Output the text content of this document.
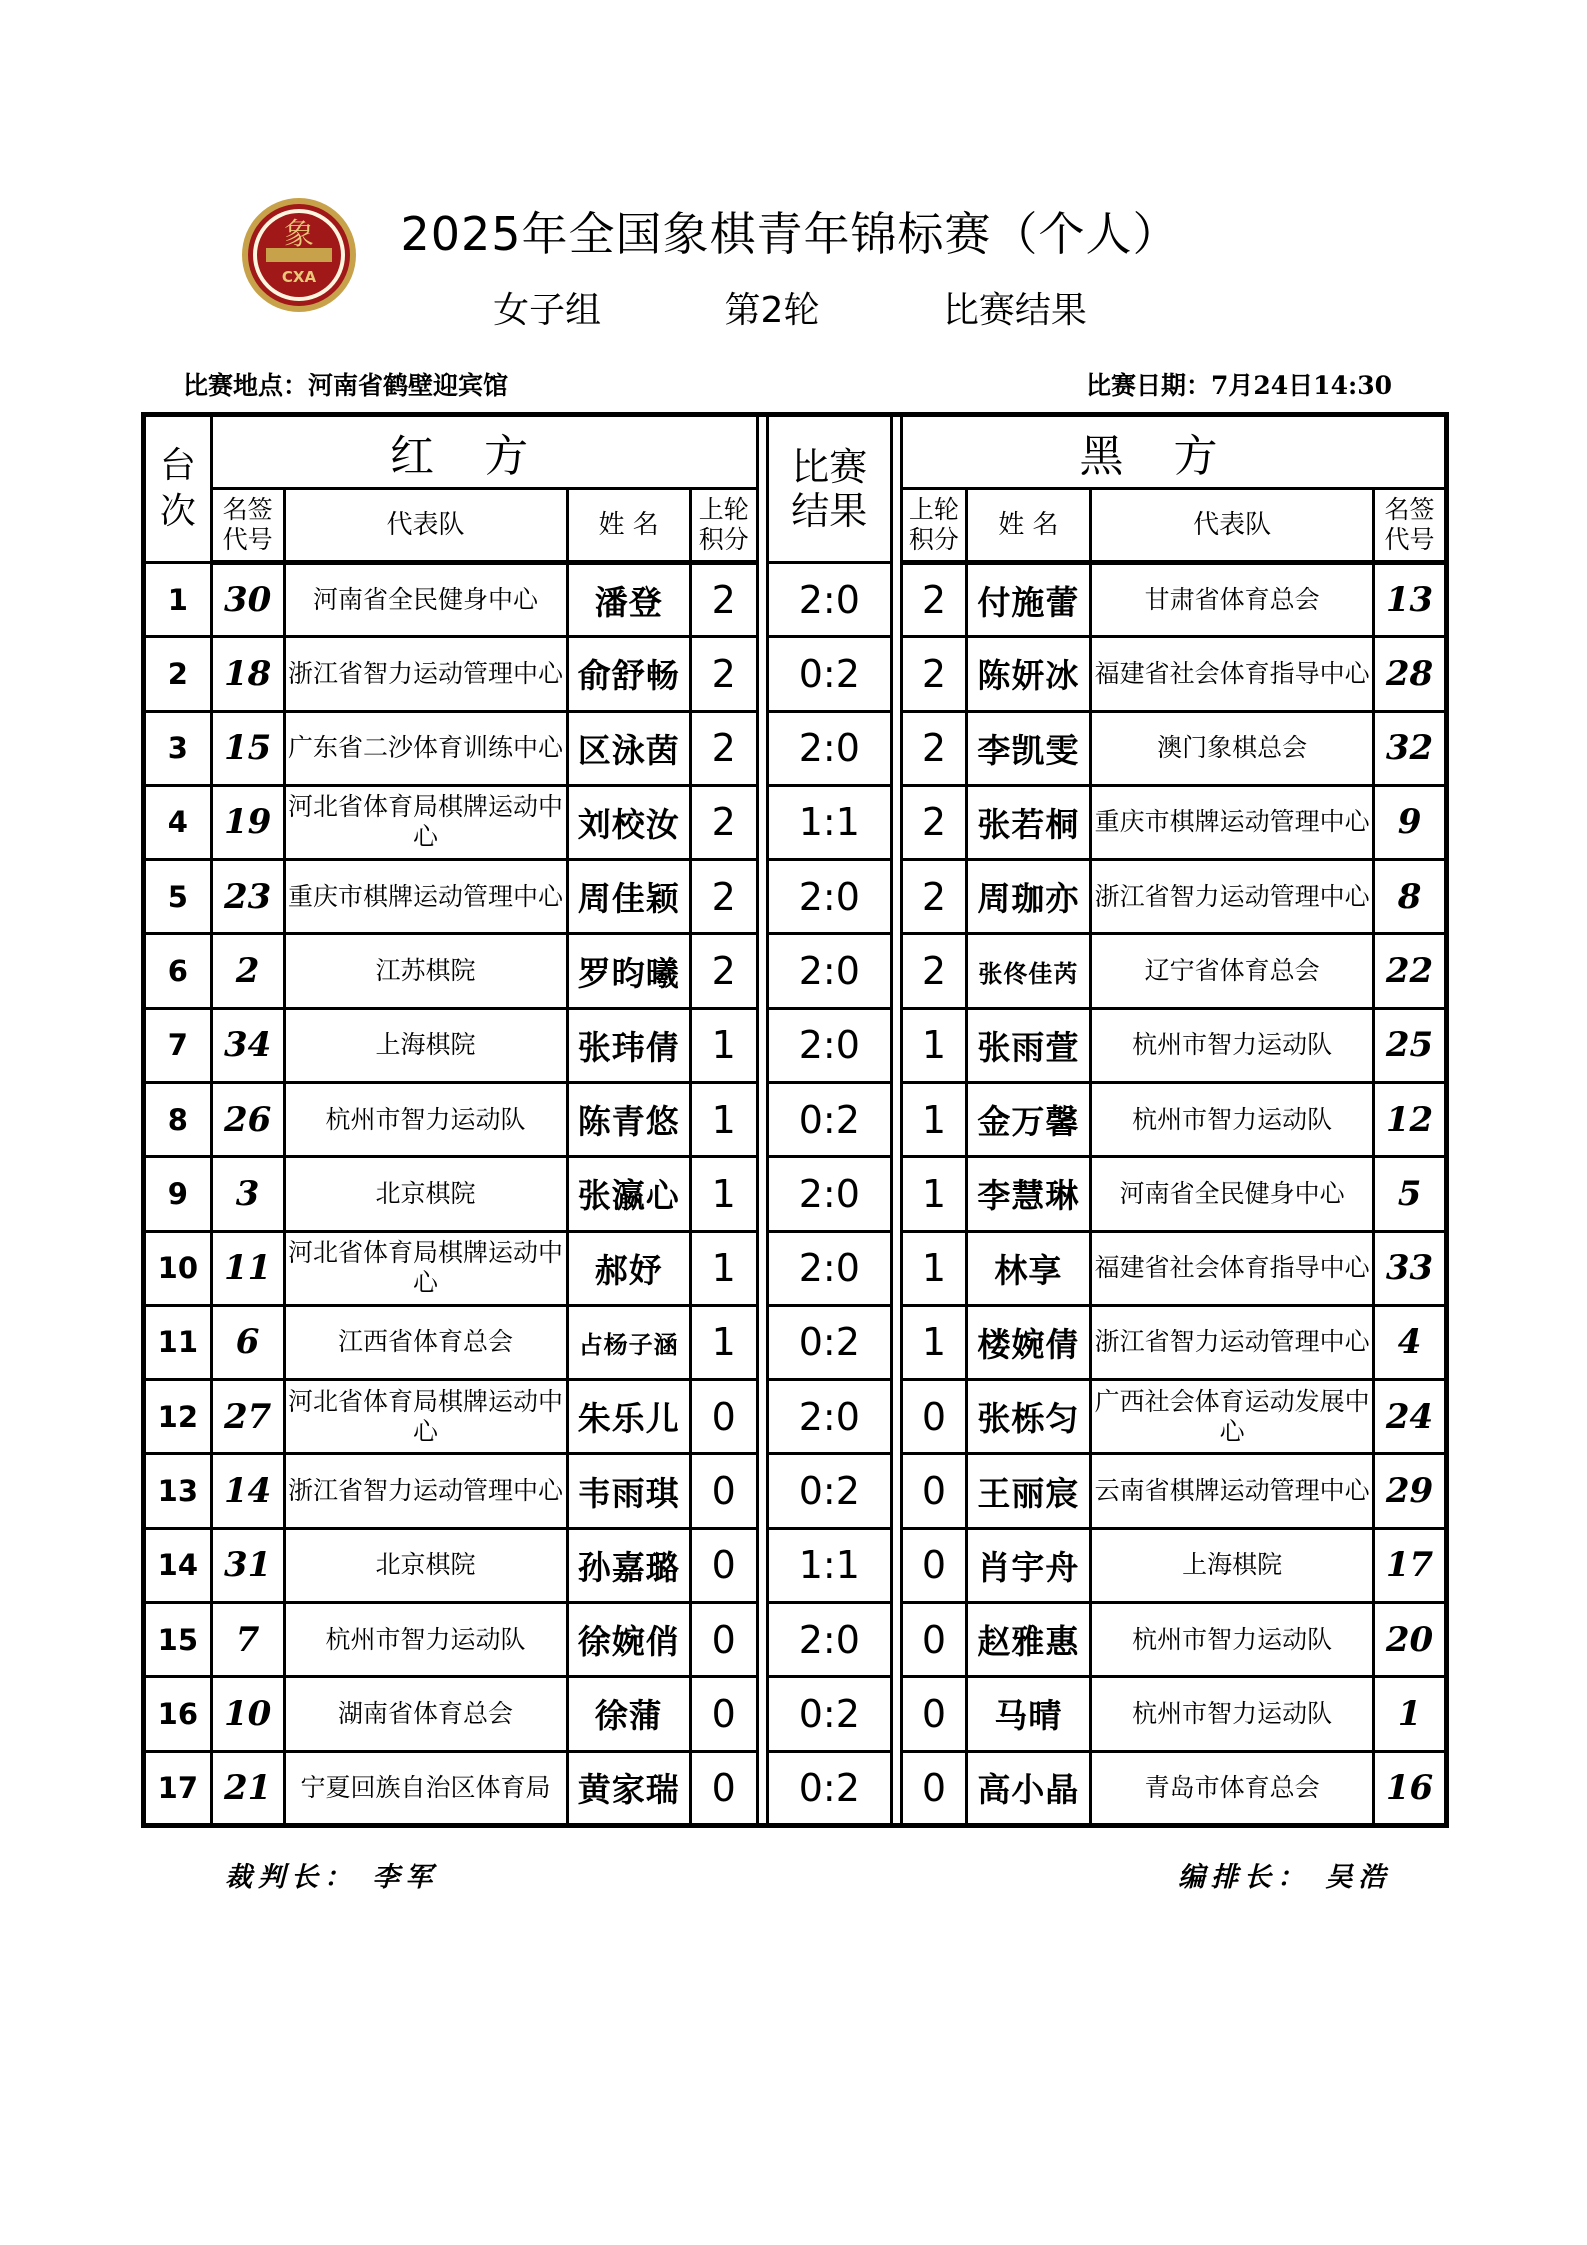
象
CXA
2025年全国象棋青年锦标赛（个人）
女子组	第2轮	比赛结果
比赛地点：河南省鹤壁迎宾馆	比赛日期：7月24日14:30
台
次	红方					比赛
结果		黑方			
	名签
代号	代表队	姓 名	上轮
积分				上轮
积分	姓 名	代表队	名签
代号
1	30	河南省全民健身中心	潘登	2		2:0		2	付施蕾	甘肃省体育总会	13
2	18	浙江省智力运动管理中心	俞舒畅	2		0:2		2	陈妍冰	福建省社会体育指导中心	28
3	15	广东省二沙体育训练中心	区泳茵	2		2:0		2	李凯雯	澳门象棋总会	32
4	19	河北省体育局棋牌运动中心	刘校汝	2		1:1		2	张若桐	重庆市棋牌运动管理中心	9
5	23	重庆市棋牌运动管理中心	周佳颖	2		2:0		2	周珈亦	浙江省智力运动管理中心	8
6	2	江苏棋院	罗昀曦	2		2:0		2	张佟佳芮	辽宁省体育总会	22
7	34	上海棋院	张玮倩	1		2:0		1	张雨萱	杭州市智力运动队	25
8	26	杭州市智力运动队	陈青悠	1		0:2		1	金万馨	杭州市智力运动队	12
9	3	北京棋院	张瀛心	1		2:0		1	李慧琳	河南省全民健身中心	5
10	11	河北省体育局棋牌运动中心	郝妤	1		2:0		1	林享	福建省社会体育指导中心	33
11	6	江西省体育总会	占杨子涵	1		0:2		1	楼婉倩	浙江省智力运动管理中心	4
12	27	河北省体育局棋牌运动中心	朱乐儿	0		2:0		0	张栎匀	广西社会体育运动发展中心	24
13	14	浙江省智力运动管理中心	韦雨琪	0		0:2		0	王丽宸	云南省棋牌运动管理中心	29
14	31	北京棋院	孙嘉璐	0		1:1		0	肖宇舟	上海棋院	17
15	7	杭州市智力运动队	徐婉俏	0		2:0		0	赵雅惠	杭州市智力运动队	20
16	10	湖南省体育总会	徐蒲	0		0:2		0	马晴	杭州市智力运动队	1
17	21	宁夏回族自治区体育局	黄家瑞	0		0:2		0	高小晶	青岛市体育总会	16
裁判长： 李军	编排长： 吴浩
